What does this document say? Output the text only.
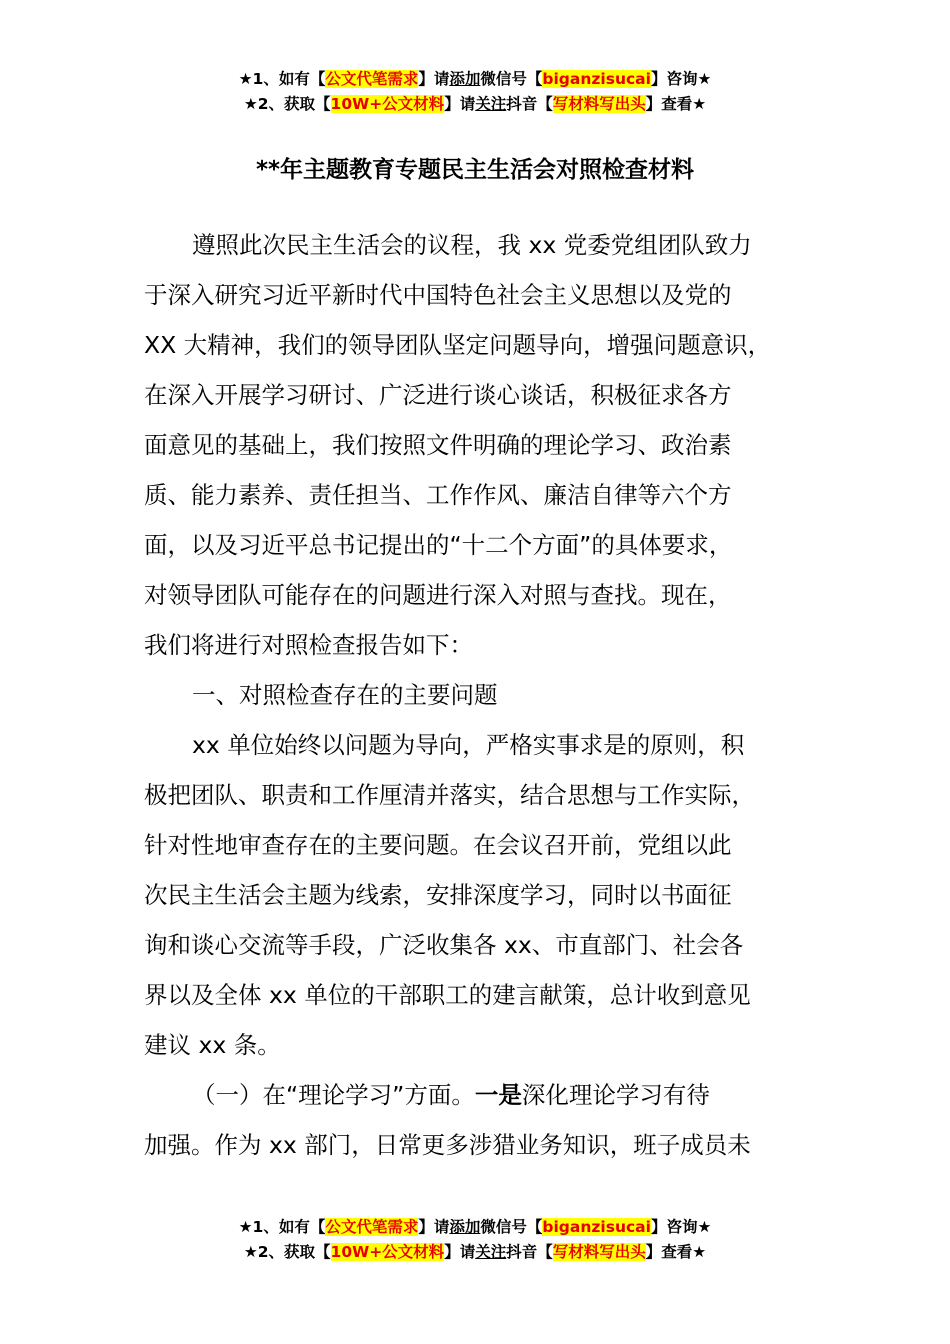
★1、如有【公文代笔需求】请添加微信号【biganzisucai】咨询★
★2、获取【10W+公文材料】请关注抖音【写材料写出头】查看★
**年主题教育专题民主生活会对照检查材料
遵照此次民主生活会的议程，我 xx 党委党组团队致力
于深入研究习近平新时代中国特色社会主义思想以及党的
XX 大精神，我们的领导团队坚定问题导向，增强问题意识，
在深入开展学习研讨、广泛进行谈心谈话，积极征求各方
面意见的基础上，我们按照文件明确的理论学习、政治素
质、能力素养、责任担当、工作作风、廉洁自律等六个方
面，以及习近平总书记提出的“十二个方面”的具体要求，
对领导团队可能存在的问题进行深入对照与查找。现在，
我们将进行对照检查报告如下：
一、对照检查存在的主要问题
xx 单位始终以问题为导向，严格实事求是的原则，积
极把团队、职责和工作厘清并落实，结合思想与工作实际，
针对性地审查存在的主要问题。在会议召开前，党组以此
次民主生活会主题为线索，安排深度学习，同时以书面征
询和谈心交流等手段，广泛收集各 xx、市直部门、社会各
界以及全体 xx 单位的干部职工的建言献策，总计收到意见
建议 xx 条。
（一）在“理论学习”方面。一是深化理论学习有待
加强。作为 xx 部门，日常更多涉猎业务知识，班子成员未
★1、如有【公文代笔需求】请添加微信号【biganzisucai】咨询★
★2、获取【10W+公文材料】请关注抖音【写材料写出头】查看★
